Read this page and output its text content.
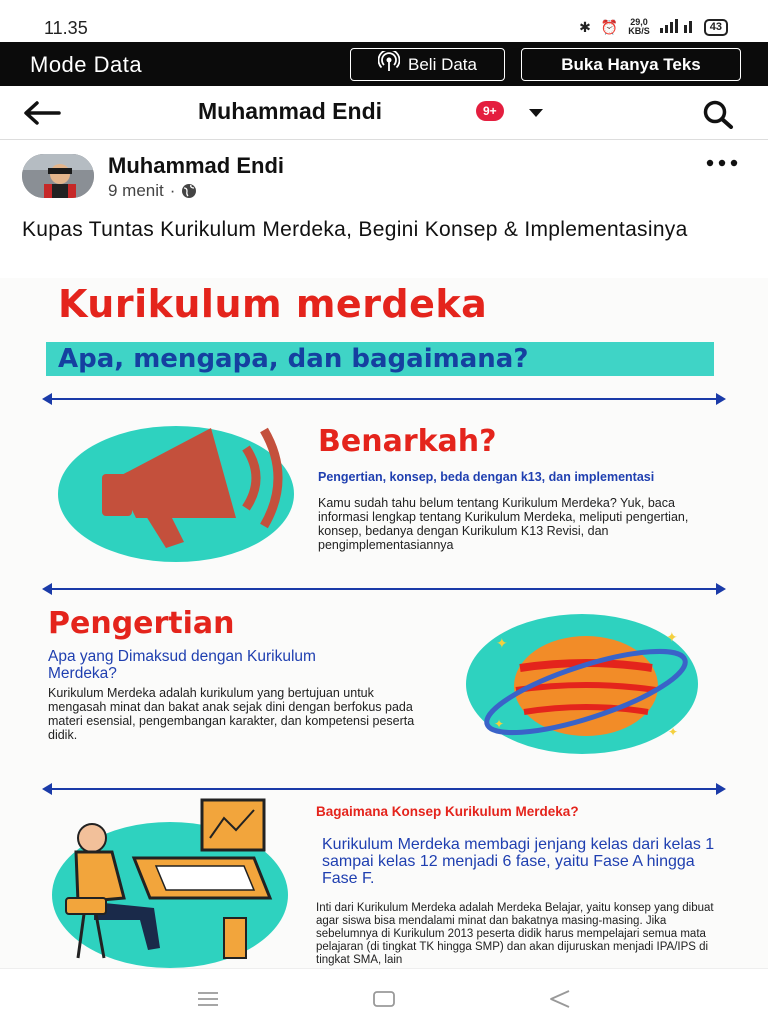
11.35	✱ ⏰ 29,0
KB/S	43
Mode Data	Beli Data	Buka Hanya Teks
Muhammad Endi	9+
Muhammad Endi
9 menit ·

Kupas Tuntas Kurikulum Merdeka, Begini Konsep & Implementasinya

Kurikulum merdeka
Apa, mengapa, dan bagaimana?
Benarkah?

Pengertian, konsep, beda dengan k13, dan implementasi

Kamu sudah tahu belum tentang Kurikulum Merdeka? Yuk, baca informasi lengkap tentang Kurikulum Merdeka, meliputi pengertian, konsep, bedanya dengan Kurikulum K13 Revisi, dan pengimplementasiannya

Pengertian

Apa yang Dimaksud dengan Kurikulum Merdeka?

Kurikulum Merdeka adalah kurikulum yang bertujuan untuk mengasah minat dan bakat anak sejak dini dengan berfokus pada materi esensial, pengembangan karakter, dan kompetensi peserta didik.

✦	✦
✦
✦

Bagaimana Konsep Kurikulum Merdeka?

Kurikulum Merdeka membagi jenjang kelas dari kelas 1 sampai kelas 12 menjadi 6 fase, yaitu Fase A hingga Fase F.

Inti dari Kurikulum Merdeka adalah Merdeka Belajar, yaitu konsep yang dibuat agar siswa bisa mendalami minat dan bakatnya masing-masing. Jika sebelumnya di Kurikulum 2013 peserta didik harus mempelajari semua mata pelajaran (di tingkat TK hingga SMP) dan akan dijuruskan menjadi IPA/IPS di tingkat SMA, lain
